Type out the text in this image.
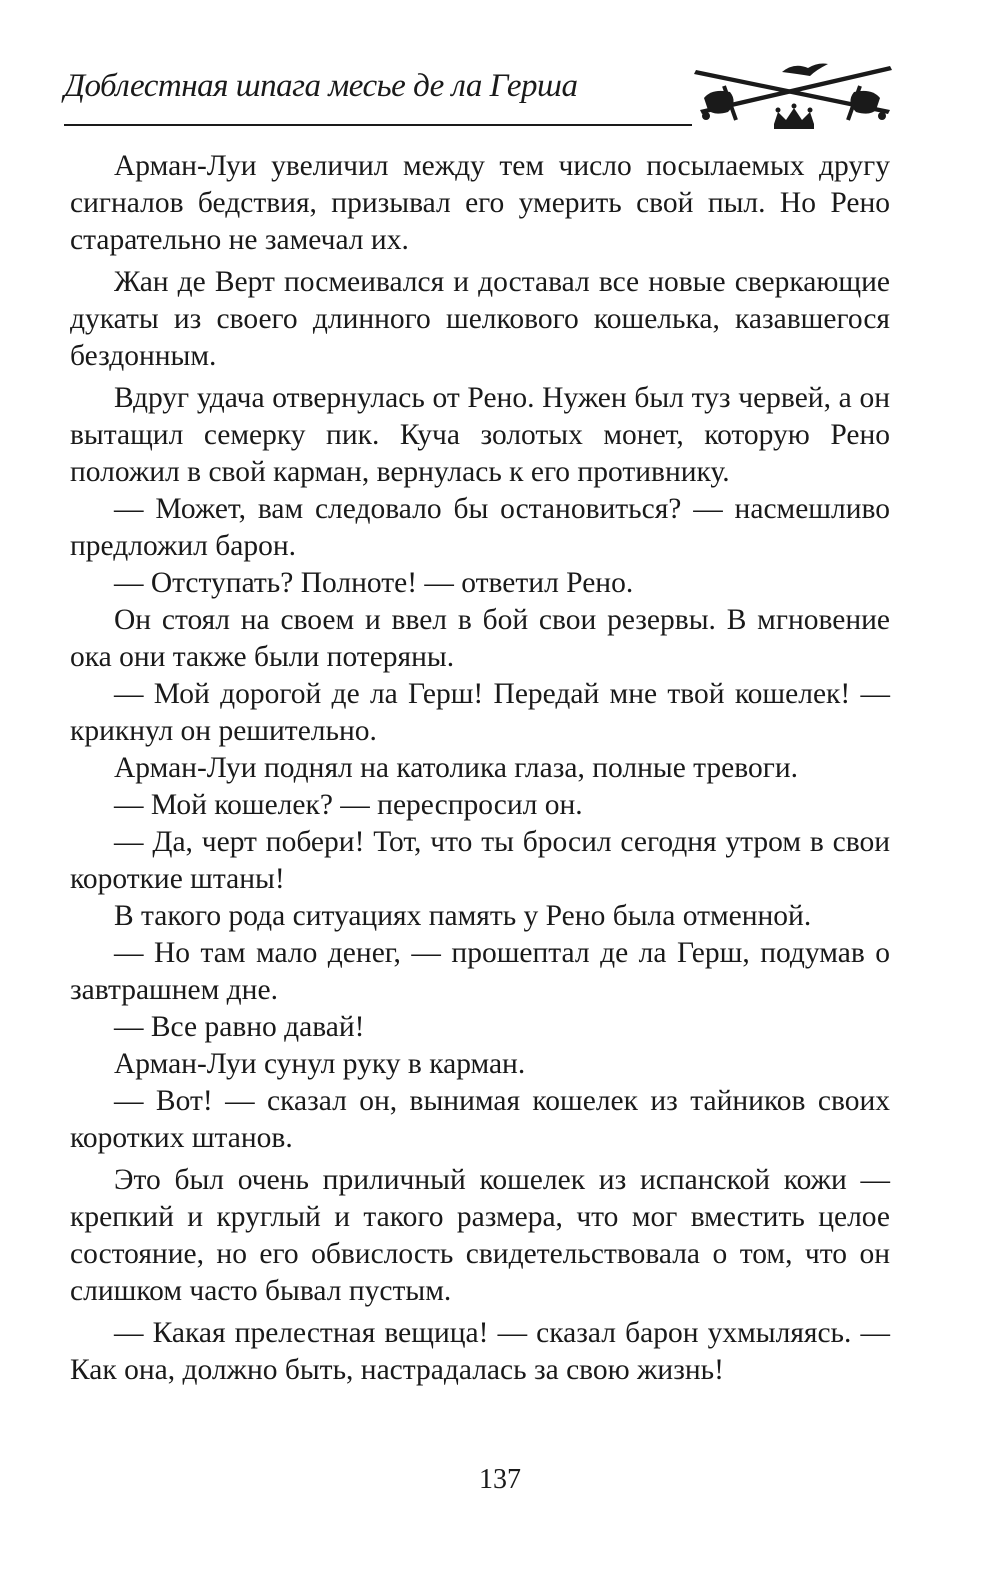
Доблестная шпага месье де ла Герша

Арман-Луи увеличил между тем число посылаемых другу сигналов бедствия, призывал его умерить свой пыл. Но Рено старательно не замечал их.

Жан де Верт посмеивался и доставал все новые сверкающие дукаты из своего длинного шелкового кошелька, казавшегося бездонным.

Вдруг удача отвернулась от Рено. Нужен был туз червей, а он вытащил семерку пик. Куча золотых монет, которую Рено положил в свой карман, вернулась к его противнику.

— Может, вам следовало бы остановиться? — насмешливо предложил барон.

— Отступать? Полноте! — ответил Рено.

Он стоял на своем и ввел в бой свои резервы. В мгновение ока они также были потеряны.

— Мой дорогой де ла Герш! Передай мне твой кошелек! — крикнул он решительно.

Арман-Луи поднял на католика глаза, полные тревоги.

— Мой кошелек? — переспросил он.

— Да, черт побери! Тот, что ты бросил сегодня утром в свои короткие штаны!

В такого рода ситуациях память у Рено была отменной.

— Но там мало денег, — прошептал де ла Герш, подумав о завтрашнем дне.

— Все равно давай!

Арман-Луи сунул руку в карман.

— Вот! — сказал он, вынимая кошелек из тайников своих коротких штанов.

Это был очень приличный кошелек из испанской кожи — крепкий и круглый и такого размера, что мог вместить целое состояние, но его обвислость свидетельствовала о том, что он слишком часто бывал пустым.

— Какая прелестная вещица! — сказал барон ухмыляясь. — Как она, должно быть, настрадалась за свою жизнь!

137
